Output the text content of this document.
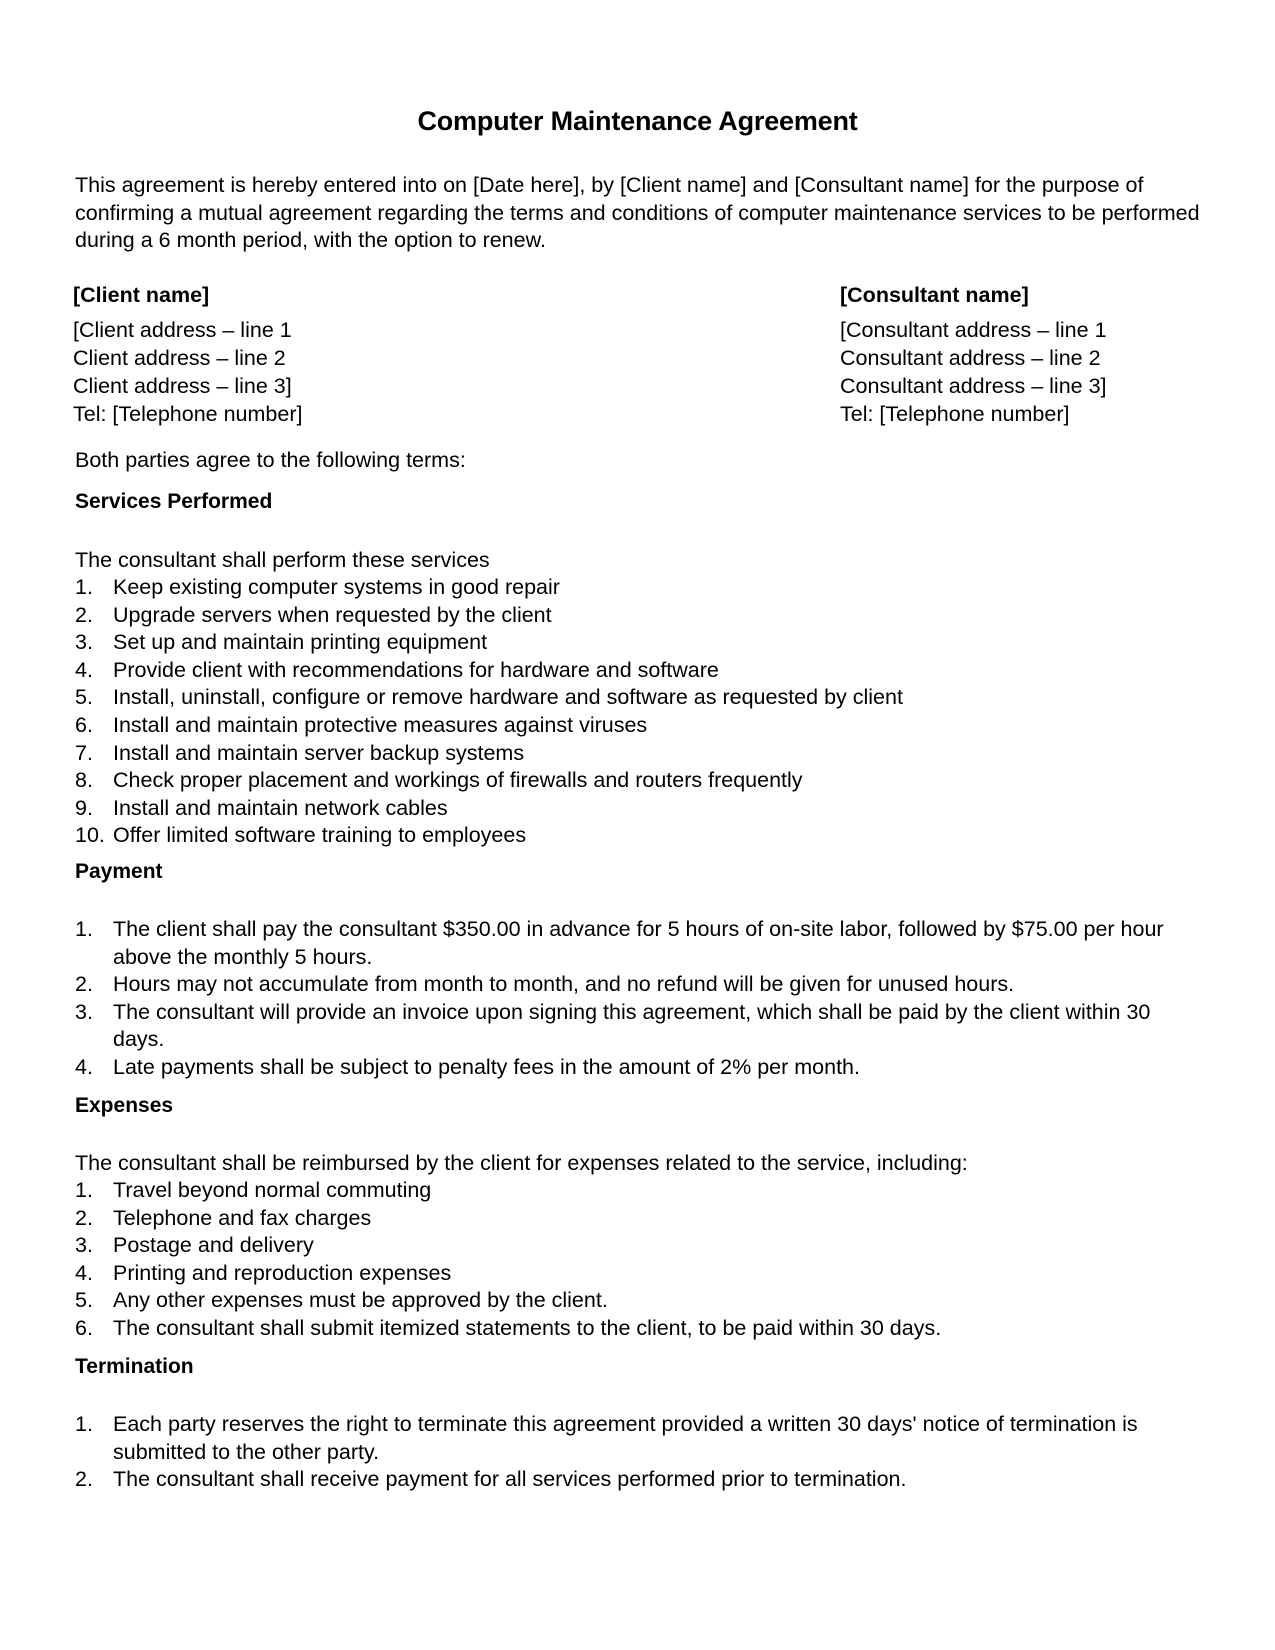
Computer Maintenance Agreement
This agreement is hereby entered into on [Date here], by [Client name] and [Consultant name] for the purpose of confirming a mutual agreement regarding the terms and conditions of computer maintenance services to be performed during a 6 month period, with the option to renew.
[Client name]
[Client address – line 1
Client address – line 2
Client address – line 3]
Tel: [Telephone number]
[Consultant name]
[Consultant address – line 1
Consultant address – line 2
Consultant address – line 3]
Tel: [Telephone number]
Both parties agree to the following terms:
Services Performed
The consultant shall perform these services
1. Keep existing computer systems in good repair
2. Upgrade servers when requested by the client
3. Set up and maintain printing equipment
4. Provide client with recommendations for hardware and software
5. Install, uninstall, configure or remove hardware and software as requested by client
6. Install and maintain protective measures against viruses
7. Install and maintain server backup systems
8. Check proper placement and workings of firewalls and routers frequently
9. Install and maintain network cables
10. Offer limited software training to employees
Payment
1. The client shall pay the consultant $350.00 in advance for 5 hours of on-site labor, followed by $75.00 per hour above the monthly 5 hours.
2. Hours may not accumulate from month to month, and no refund will be given for unused hours.
3. The consultant will provide an invoice upon signing this agreement, which shall be paid by the client within 30 days.
4. Late payments shall be subject to penalty fees in the amount of 2% per month.
Expenses
The consultant shall be reimbursed by the client for expenses related to the service, including:
1. Travel beyond normal commuting
2. Telephone and fax charges
3. Postage and delivery
4. Printing and reproduction expenses
5. Any other expenses must be approved by the client.
6. The consultant shall submit itemized statements to the client, to be paid within 30 days.
Termination
1. Each party reserves the right to terminate this agreement provided a written 30 days' notice of termination is submitted to the other party.
2. The consultant shall receive payment for all services performed prior to termination.
